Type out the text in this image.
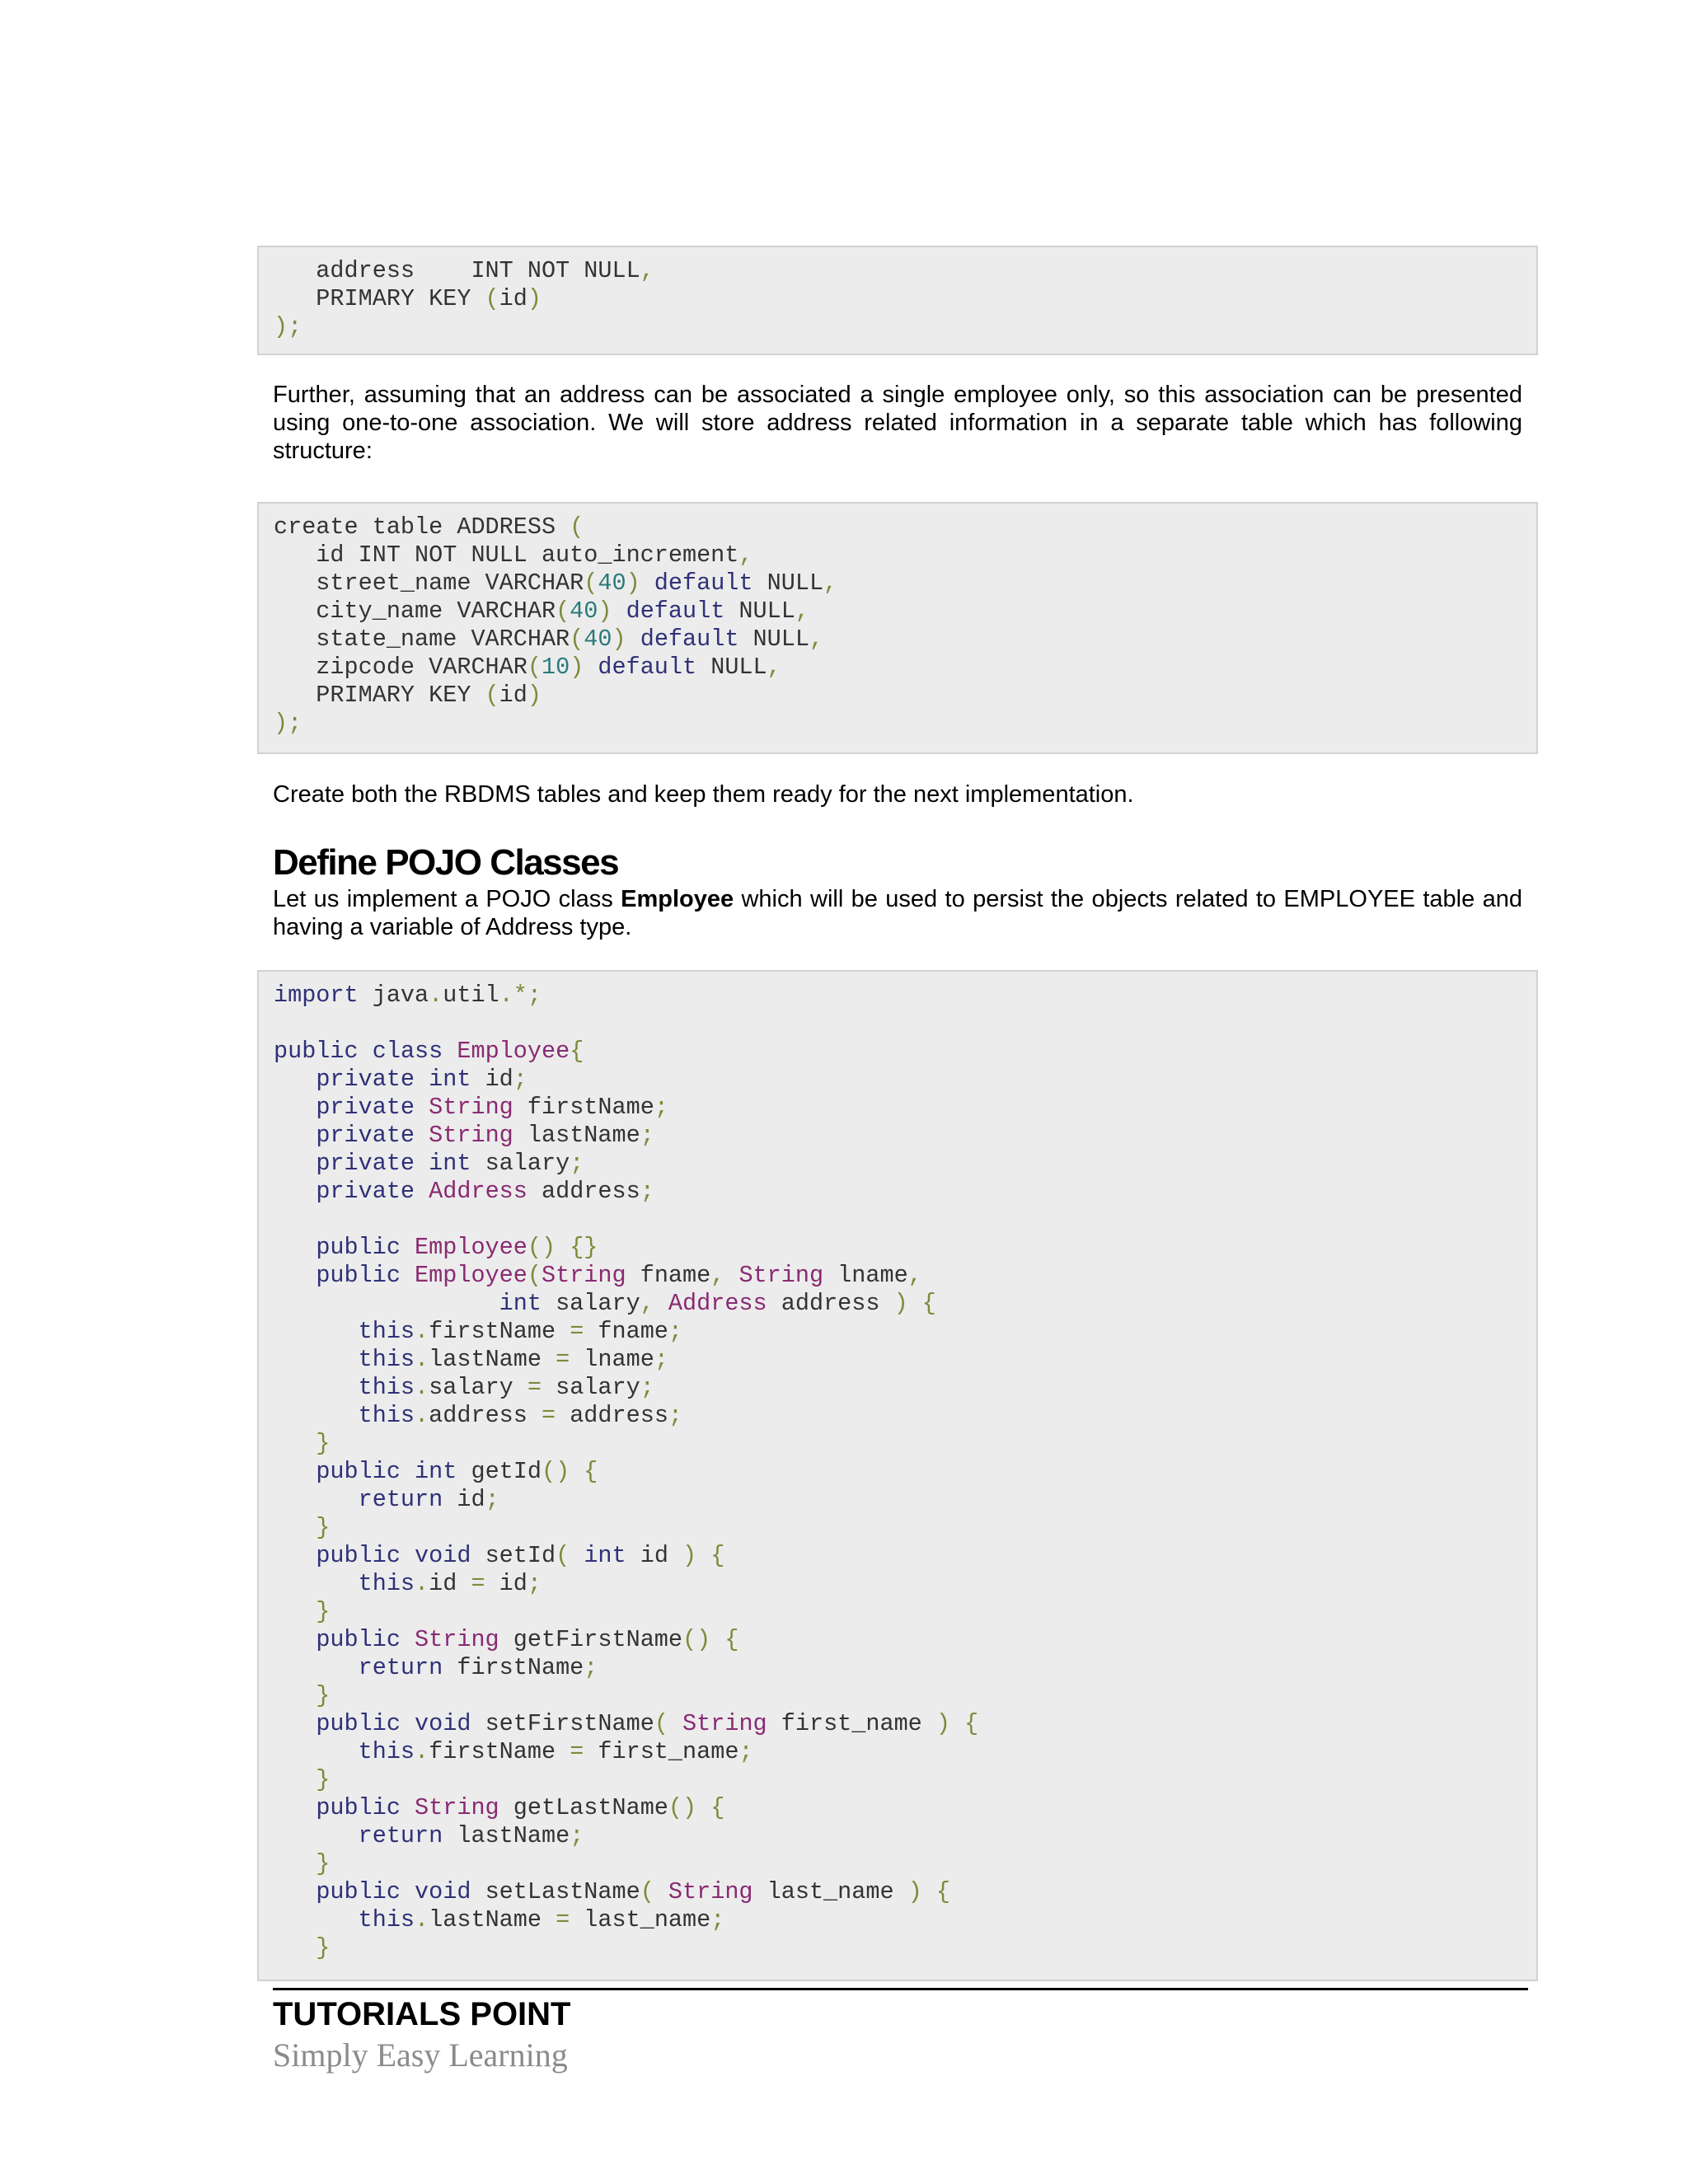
address    INT NOT NULL,
PRIMARY KEY (id)
);

Further, assuming that an address can be associated a single employee only, so this association can be presented using one-to-one association. We will store address related information in a separate table which has following structure:

create table ADDRESS (
id INT NOT NULL auto_increment,
street_name VARCHAR(40) default NULL,
city_name VARCHAR(40) default NULL,
state_name VARCHAR(40) default NULL,
zipcode VARCHAR(10) default NULL,
PRIMARY KEY (id)
);

Create both the RBDMS tables and keep them ready for the next implementation.

Define POJO Classes

Let us implement a POJO class Employee which will be used to persist the objects related to EMPLOYEE table and having a variable of Address type.

import java.util.*;

public class Employee{
private int id;
private String firstName;
private String lastName;
private int salary;
private Address address;

public Employee() {}
public Employee(String fname, String lname,
int salary, Address address ) {
this.firstName = fname;
this.lastName = lname;
this.salary = salary;
this.address = address;
}
public int getId() {
return id;
}
public void setId( int id ) {
this.id = id;
}
public String getFirstName() {
return firstName;
}
public void setFirstName( String first_name ) {
this.firstName = first_name;
}
public String getLastName() {
return lastName;
}
public void setLastName( String last_name ) {
this.lastName = last_name;
}

TUTORIALS POINT

Simply Easy Learning
